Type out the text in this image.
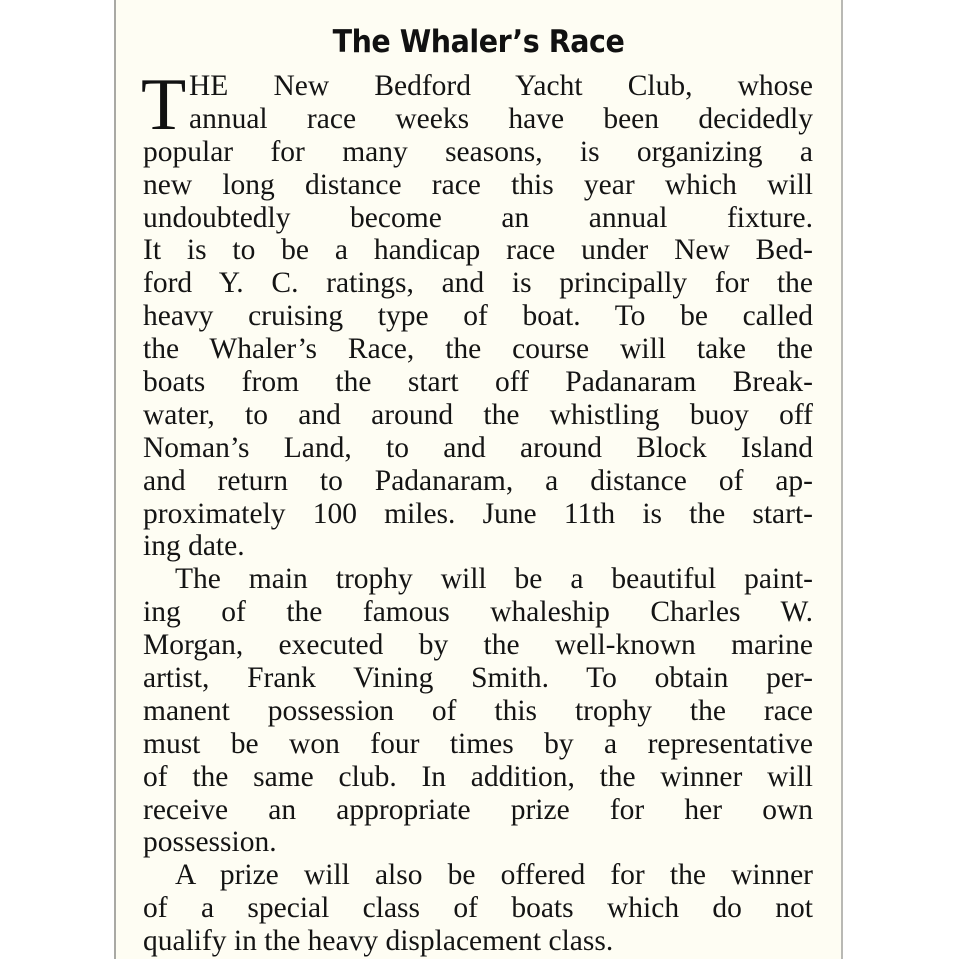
The Whaler’s Race
T HE New Bedford Yacht Club, whose
annual race weeks have been decidedly
popular for many seasons, is organizing a
new long distance race this year which will
undoubtedly become an annual fixture.
It is to be a handicap race under New Bed-
ford Y. C. ratings, and is principally for the
heavy cruising type of boat. To be called
the Whaler’s Race, the course will take the
boats from the start off Padanaram Break-
water, to and around the whistling buoy off
Noman’s Land, to and around Block Island
and return to Padanaram, a distance of ap-
proximately 100 miles. June 11th is the start-
ing date.
The main trophy will be a beautiful paint-
ing of the famous whaleship Charles W.
Morgan, executed by the well-known marine
artist, Frank Vining Smith. To obtain per-
manent possession of this trophy the race
must be won four times by a representative
of the same club. In addition, the winner will
receive an appropriate prize for her own
possession.
A prize will also be offered for the winner
of a special class of boats which do not
qualify in the heavy displacement class.
